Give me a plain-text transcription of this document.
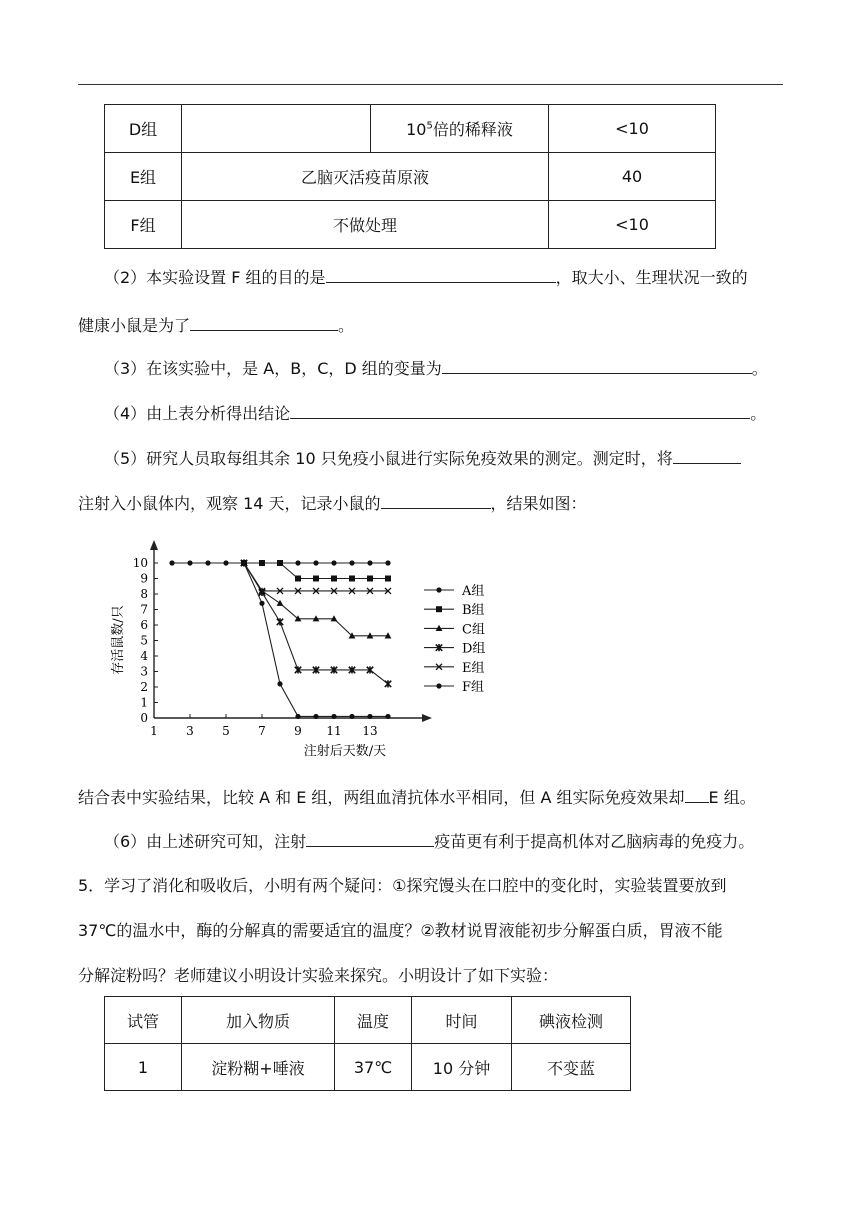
D组		$10^5$倍的稀释液	<10
E组	乙脑灭活疫苗原液		40
F组	不做处理		<10
（2）本实验设置 F 组的目的是	，取大小、生理状况一致的
健康小鼠是为了	。
（3）在该实验中，是 A，B，C，D 组的变量为	。
（4）由上表分析得出结论	。
（5）研究人员取每组其余 10 只免疫小鼠进行实际免疫效果的测定。测定时，将
注射入小鼠体内，观察 14 天，记录小鼠的	，结果如图：
0
1
2
3
4
5
6
7
8
9
10
1 3 5 7 9 11 13
注射后天数/天
存活鼠数/只
A组
B组
C组
D组
E组
F组
结合表中实验结果，比较 A 和 E 组，两组血清抗体水平相同，但 A 组实际免疫效果却 E 组。
（6）由上述研究可知，注射	疫苗更有利于提高机体对乙脑病毒的免疫力。
5．学习了消化和吸收后，小明有两个疑问：①探究馒头在口腔中的变化时，实验装置要放到
37℃的温水中，酶的分解真的需要适宜的温度？②教材说胃液能初步分解蛋白质，胃液不能
分解淀粉吗？老师建议小明设计实验来探究。小明设计了如下实验：
试管	加入物质	温度	时间	碘液检测
1	淀粉糊+唾液	37℃	10 分钟	不变蓝
